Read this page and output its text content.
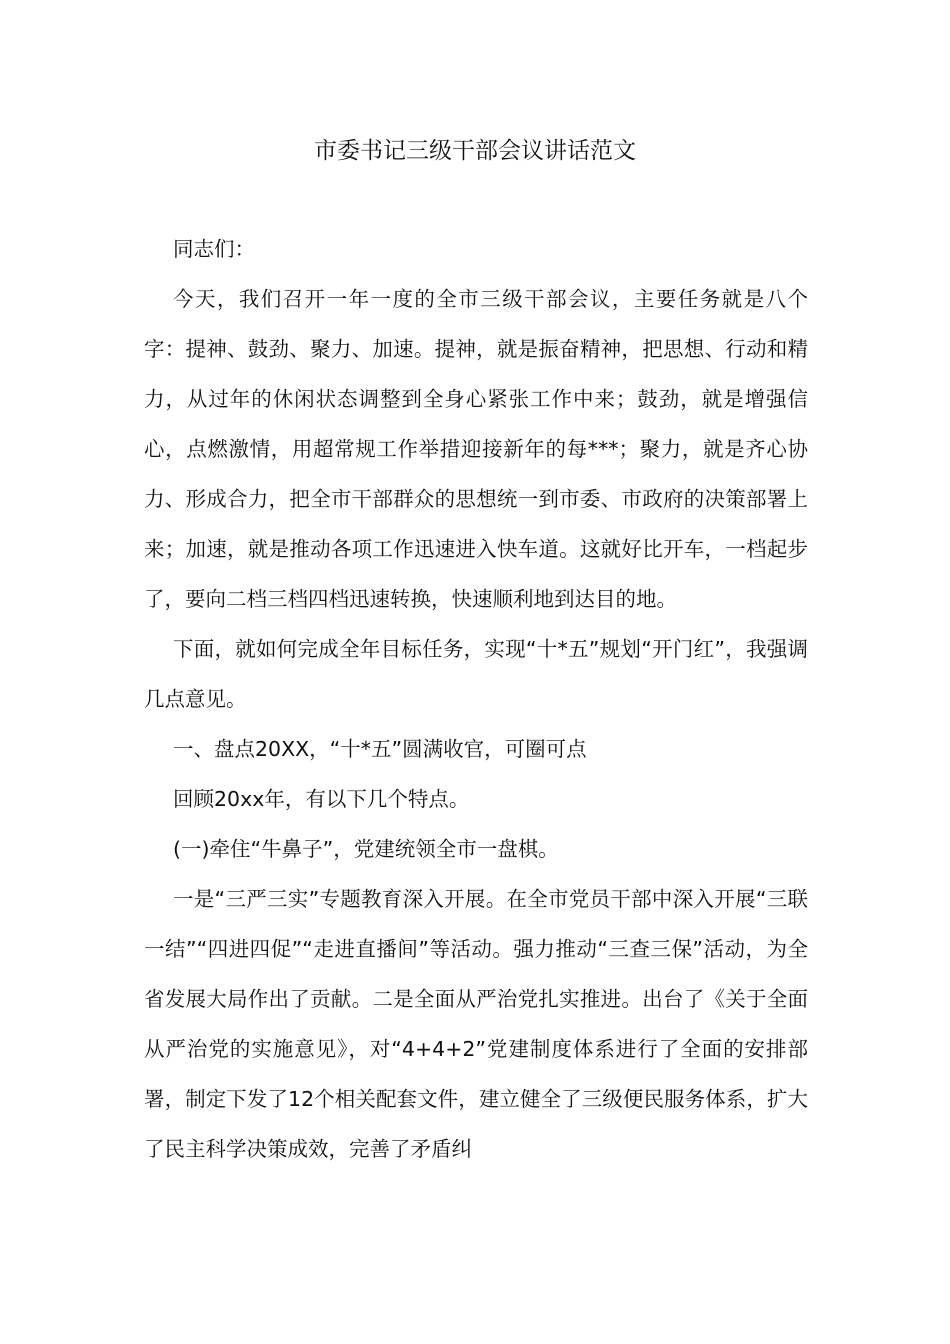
市委书记三级干部会议讲话范文

同志们：

今天，我们召开一年一度的全市三级干部会议，主要任务就是八个字：提神、鼓劲、聚力、加速。提神，就是振奋精神，把思想、行动和精力，从过年的休闲状态调整到全身心紧张工作中来；鼓劲，就是增强信心，点燃激情，用超常规工作举措迎接新年的每***；聚力，就是齐心协力、形成合力，把全市干部群众的思想统一到市委、市政府的决策部署上来；加速，就是推动各项工作迅速进入快车道。这就好比开车，一档起步了，要向二档三档四档迅速转换，快速顺利地到达目的地。

下面，就如何完成全年目标任务，实现“十*五”规划“开门红”，我强调几点意见。

一、盘点20XX，“十*五”圆满收官，可圈可点

回顾20xx年，有以下几个特点。

(一)牵住“牛鼻子”，党建统领全市一盘棋。

一是“三严三实”专题教育深入开展。在全市党员干部中深入开展“三联一结”“四进四促”“走进直播间”等活动。强力推动“三查三保”活动，为全省发展大局作出了贡献。二是全面从严治党扎实推进。出台了《关于全面从严治党的实施意见》，对“4+4+2”党建制度体系进行了全面的安排部署，制定下发了12个相关配套文件，建立健全了三级便民服务体系，扩大了民主科学决策成效，完善了矛盾纠
